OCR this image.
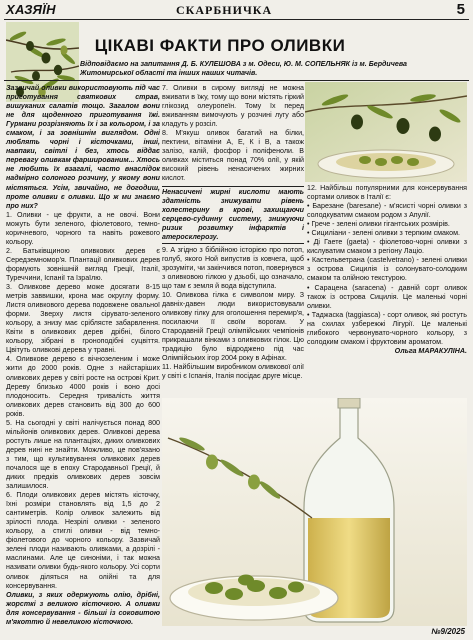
ХАЗЯЇН	СКАРБНИЧКА	5
ЦІКАВІ ФАКТИ ПРО ОЛИВКИ
Відповідаємо на запитання Д. Б. КУЛЕШОВА з м. Одеси, Ю. М. СОПЕЛЬНЯК із м. Бердичева Житомирської області та інших наших читачів.

Зазвичай оливки використовують під час приготування святкових страв, вишуканих салатів тощо. Загалом вони не для щоденного приготування їжі. Гурмани розрізняють їх і за кольором, і за смаком, і за зовнішнім виглядом. Одні люблять чорні і кісточками, інші, навпаки, світлі і без, хтось віддає перевагу оливкам фаршированим... Хтось не любить їх взагалі, часто внаслідок надмірно солоного розчину, у якому вони містяться. Усім, звичайно, не догодиш, проте оливки є оливки. Що ж ми знаємо про них?

1. Оливки - це фрукти, а не овочі. Вони можуть бути зеленого, фіолетового, темно-коричневого, чорного та навіть рожевого кольору.

2. Батьківщиною оливкових дерев є Середземномор'я. Плантації оливкових дерев формують зовнішній вигляд Греції, Італії, Туреччини, Іспанії та Ізраїлю.

3. Оливкове дерево може досягати 8-15 метрів заввишки, крона має округлу форму. Листя оливкового дерева подовжене овальної форми. Зверху листя сірувато-зеленого кольору, а знизу має сріблясте забарвлення. Квіти в оливкових дерев дрібні, білого кольору, зібрані в гроноподібні суцвіття. Цвітуть оливкові дерева у травні.

4. Оливкове дерево є вічнозеленим і може жити до 2000 років. Одне з найстаріших оливкових дерев у світі росте на острові Крит. Дереву близько 4000 років і воно досі плодоносить. Середня тривалість життя оливкових дерев становить від 300 до 600 років.

5. На сьогодні у світі налічується понад 800 мільйонів оливкових дерев. Оливкові дерева ростуть лише на плантаціях, диких оливкових дерев нині не знайти. Можливо, це пов'язано з тим, що культивування оливкових дерев почалося ще в епоху Стародавньої Греції, й диких предків оливкових дерев зовсім залишилося.

6. Плоди оливкових дерев містять кісточку, їхні розміри становлять від 1,5 до 2 сантиметрів. Колір оливок залежить від зрілості плода. Незрілі оливки - зеленого кольору, а стиглі оливки - від темно-фіолетового до чорного кольору. Зазвичай зелені плоди називають оливками, а дозрілі - маслинами. Але це синоніми, і так можна називати оливки будь-якого кольору. Усі сорти оливок діляться на олійні та для консервування.

Оливки, з яких одержують олію, дрібні, жорсткі з великою кісточкою. А оливки для консервування - більші із соковитою м'якоттю й невеликою кісточкою.

7. Оливки в сирому вигляді не можна вживати в їжу, тому що вони містять гіркий глікозид олеуропеїн. Тому їх перед вживанням вимочують у розчині лугу або кладуть у розсіл.

8. М'якуш оливок багатий на білки, пектини, вітаміни А, Е, К і В, а також залізо, калій, фосфор і поліфеноли. В оливках міститься понад 70% олії, у якій високий рівень ненасичених жирних кислот.

Ненасичені жирні кислоти мають здатність знижувати рівень холестерину в крові, захищаючи серцево-судинну систему, знижуючи ризик розвитку інфарктів і атеросклерозу.

9. А згідно з біблійною історією про потоп, голуб, якого Ной випустив із ковчега, щоб зрозуміти, чи закінчився потоп, повернувся з оливковою гілкою у дзьобі, що означало, що там є земля й вода відступила.

10. Оливкова гілка є символом миру. З давніх-давен люди використовували оливкову гілку для оголошення перемир'я, посилаючи її своїм ворогам. У Стародавній Греції олімпійських чемпіонів прикрашали вінками з оливкових гілок. Цю традицію було відроджено під час Олімпійських ігор 2004 року в Афінах.

11. Найбільшим виробником оливкової олії у світі є Іспанія, Італія посідає друге місце.

12. Найбільш популярними для консервування сортами оливок в Італії є:

• Барезане (baresane) - м'ясисті чорні оливки з солодкуватим смаком родом з Апулії.

• Грече - зелені оливки гігантських розмірів.

• Сициліани - зелені оливки з терпким смаком.

• Ді Гаете (gaeta) - фіолетово-чорні оливки з кислуватим смаком з регіону Лаціо.

• Кастельветрана (castelvetrano) - зелені оливки з острова Сицилія із солонувато-солодким смаком та олійною текстурою.

• Сарацена (saracena) - давній сорт оливок також із острова Сицилія. Це маленькі чорні оливки.

• Таджаска (taggiasca) - сорт оливок, які ростуть на схилах узбережжі Лігурії. Це маленькі глибокого червонувато-чорного кольору, з солодким смаком і фруктовим ароматом.

Ольга МАРАКУЛІНА.

№9/2025
